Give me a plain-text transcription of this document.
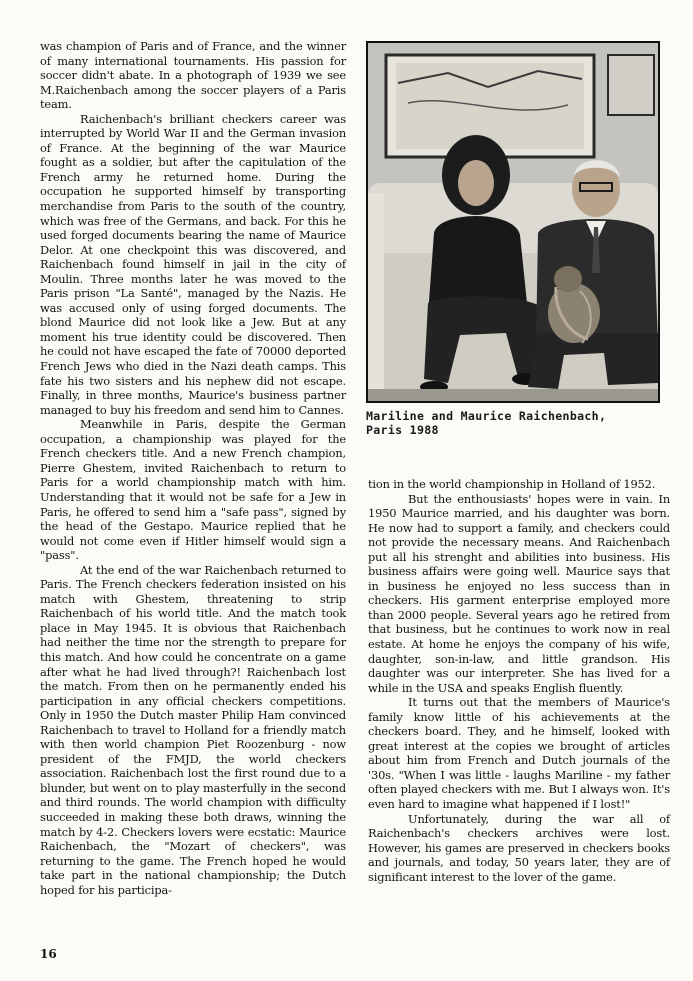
was champion of Paris and of France, and the winner of many international tournaments. His passion for soccer didn't abate. In a photograph of 1939 we see M.Raichenbach among the soccer players of a Paris team.

Raichenbach's brilliant checkers career was interrupted by World War II and the German invasion of France. At the beginning of the war Maurice fought as a soldier, but after the capitulation of the French army he returned home. During the occupation he supported himself by transporting merchandise from Paris to the south of the country, which was free of the Germans, and back. For this he used forged documents bearing the name of Maurice Delor. At one checkpoint this was discovered, and Raichenbach found himself in jail in the city of Moulin. Three months later he was moved to the Paris prison "La Santé", managed by the Nazis. He was accused only of using forged documents. The blond Maurice did not look like a Jew. But at any moment his true identity could be discovered. Then he could not have escaped the fate of 70000 deported French Jews who died in the Nazi death camps. This fate his two sisters and his nephew did not escape. Finally, in three months, Maurice's business partner managed to buy his freedom and send him to Cannes.

Meanwhile in Paris, despite the German occupation, a championship was played for the French checkers title. And a new French champion, Pierre Ghestem, invited Raichenbach to return to Paris for a world championship match with him. Understanding that it would not be safe for a Jew in Paris, he offered to send him a "safe pass", signed by the head of the Gestapo. Maurice replied that he would not come even if Hitler himself would sign a "pass".

At the end of the war Raichenbach returned to Paris. The French checkers federation insisted on his match with Ghestem, threatening to strip Raichenbach of his world title. And the match took place in May 1945. It is obvious that Raichenbach had neither the time nor the strength to prepare for this match. And how could he concentrate on a game after what he had lived through?! Raichenbach lost the match. From then on he permanently ended his participation in any official checkers competitions. Only in 1950 the Dutch master Philip Ham convinced Raichenbach to travel to Holland for a friendly match with then world champion Piet Roozenburg - now president of the FMJD, the world checkers association. Raichenbach lost the first round due to a blunder, but went on to play masterfully in the second and third rounds. The world champion with difficulty succeeded in making these both draws, winning the match by 4-2. Checkers lovers were ecstatic: Maurice Raichenbach, the "Mozart of checkers", was returning to the game. The French hoped he would take part in the national championship; the Dutch hoped for his participa-

Mariline and Maurice Raichenbach,
Paris 1988

tion in the world championship in Holland of 1952.

But the enthousiasts' hopes were in vain. In 1950 Maurice married, and his daughter was born. He now had to support a family, and checkers could not provide the necessary means. And Raichenbach put all his strenght and abilities into business. His business affairs were going well. Maurice says that in business he enjoyed no less success than in checkers. His garment enterprise employed more than 2000 people. Several years ago he retired from that business, but he continues to work now in real estate. At home he enjoys the company of his wife, daughter, son-in-law, and little grandson. His daughter was our interpreter. She has lived for a while in the USA and speaks English fluently.

It turns out that the members of Maurice's family know little of his achievements at the checkers board. They, and he himself, looked with great interest at the copies we brought of articles about him from French and Dutch journals of the '30s. "When I was little - laughs Mariline - my father often played checkers with me. But I always won. It's even hard to imagine what happened if I lost!"

Unfortunately, during the war all of Raichenbach's checkers archives were lost. However, his games are preserved in checkers books and journals, and today, 50 years later, they are of significant interest to the lover of the game.

16
